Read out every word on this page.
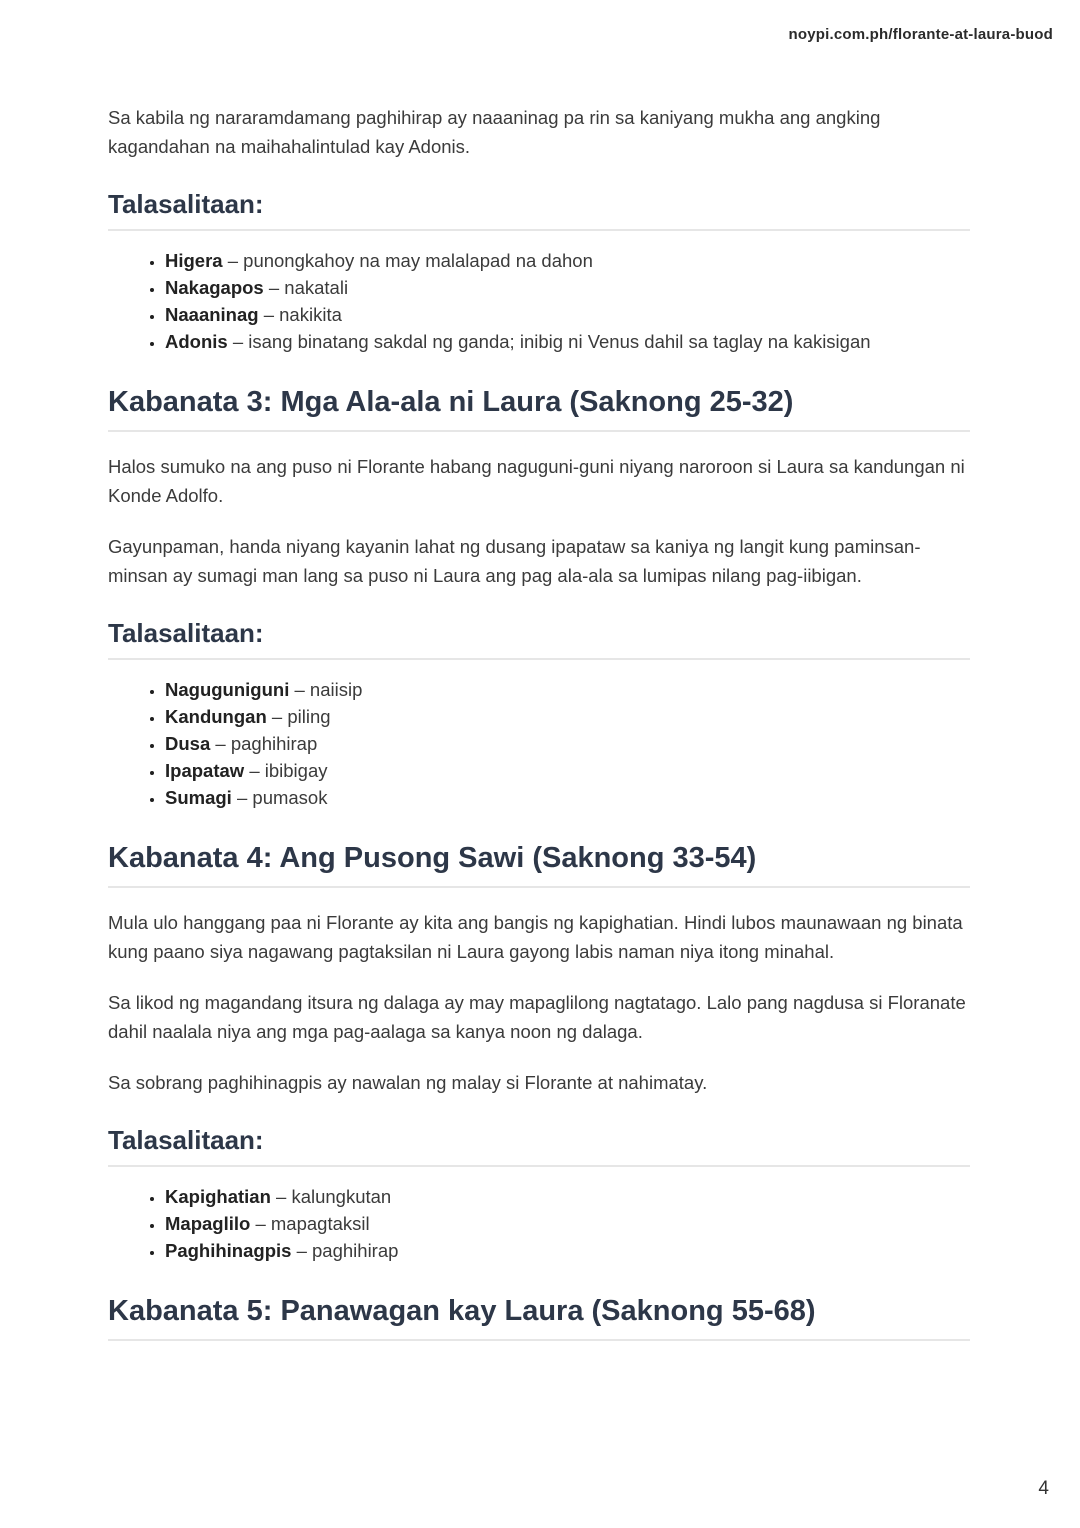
noypi.com.ph/florante-at-laura-buod

Sa kabila ng nararamdamang paghihirap ay naaaninag pa rin sa kaniyang mukha ang angking kagandahan na maihahalintulad kay Adonis.

Talasalitaan:
• Higera – punongkahoy na may malalapad na dahon
• Nakagapos – nakatali
• Naaaninag – nakikita
• Adonis – isang binatang sakdal ng ganda; inibig ni Venus dahil sa taglay na kakisigan
Kabanata 3: Mga Ala-ala ni Laura (Saknong 25-32)

Halos sumuko na ang puso ni Florante habang naguguni-guni niyang naroroon si Laura sa kandungan ni Konde Adolfo.

Gayunpaman, handa niyang kayanin lahat ng dusang ipapataw sa kaniya ng langit kung paminsan-minsan ay sumagi man lang sa puso ni Laura ang pag ala-ala sa lumipas nilang pag-iibigan.

Talasalitaan:
• Naguguniguni – naiisip
• Kandungan – piling
• Dusa – paghihirap
• Ipapataw – ibibigay
• Sumagi – pumasok
Kabanata 4: Ang Pusong Sawi (Saknong 33-54)

Mula ulo hanggang paa ni Florante ay kita ang bangis ng kapighatian. Hindi lubos maunawaan ng binata kung paano siya nagawang pagtaksilan ni Laura gayong labis naman niya itong minahal.

Sa likod ng magandang itsura ng dalaga ay may mapaglilong nagtatago. Lalo pang nagdusa si Floranate dahil naalala niya ang mga pag-aalaga sa kanya noon ng dalaga.

Sa sobrang paghihinagpis ay nawalan ng malay si Florante at nahimatay.

Talasalitaan:
• Kapighatian – kalungkutan
• Mapaglilo – mapagtaksil
• Paghihinagpis – paghihirap
Kabanata 5: Panawagan kay Laura (Saknong 55-68)
4
